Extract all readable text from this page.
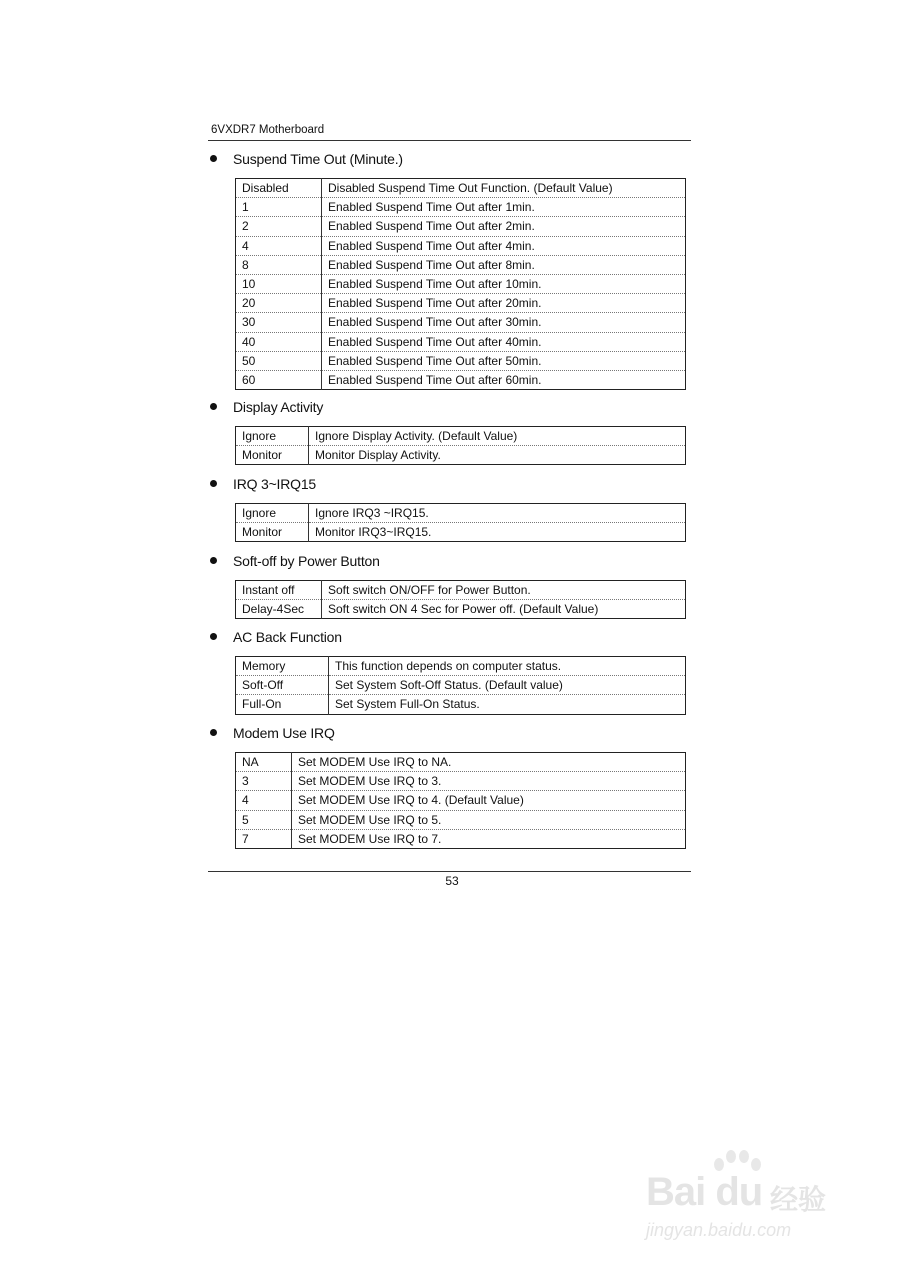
6VXDR7 Motherboard
Suspend Time Out (Minute.)
Disabled	Disabled Suspend Time Out Function. (Default Value)
1	Enabled Suspend Time Out after 1min.
2	Enabled Suspend Time Out after 2min.
4	Enabled Suspend Time Out after 4min.
8	Enabled Suspend Time Out after 8min.
10	Enabled Suspend Time Out after 10min.
20	Enabled Suspend Time Out after 20min.
30	Enabled Suspend Time Out after 30min.
40	Enabled Suspend Time Out after 40min.
50	Enabled Suspend Time Out after 50min.
60	Enabled Suspend Time Out after 60min.
Display Activity
Ignore	Ignore Display Activity. (Default Value)
Monitor	Monitor Display Activity.
IRQ 3~IRQ15
Ignore	Ignore IRQ3 ~IRQ15.
Monitor	Monitor IRQ3~IRQ15.
Soft-off by Power Button
Instant off	Soft switch ON/OFF for Power Button.
Delay-4Sec	Soft switch ON 4 Sec for Power off. (Default Value)
AC Back Function
Memory	This function depends on computer status.
Soft-Off	Set System Soft-Off Status. (Default value)
Full-On	Set System Full-On Status.
Modem Use IRQ
NA	Set MODEM Use IRQ to NA.
3	Set MODEM Use IRQ to 3.
4	Set MODEM Use IRQ to 4. (Default Value)
5	Set MODEM Use IRQ to 5.
7	Set MODEM Use IRQ to 7.
53
Bai du 经验
jingyan.baidu.com
